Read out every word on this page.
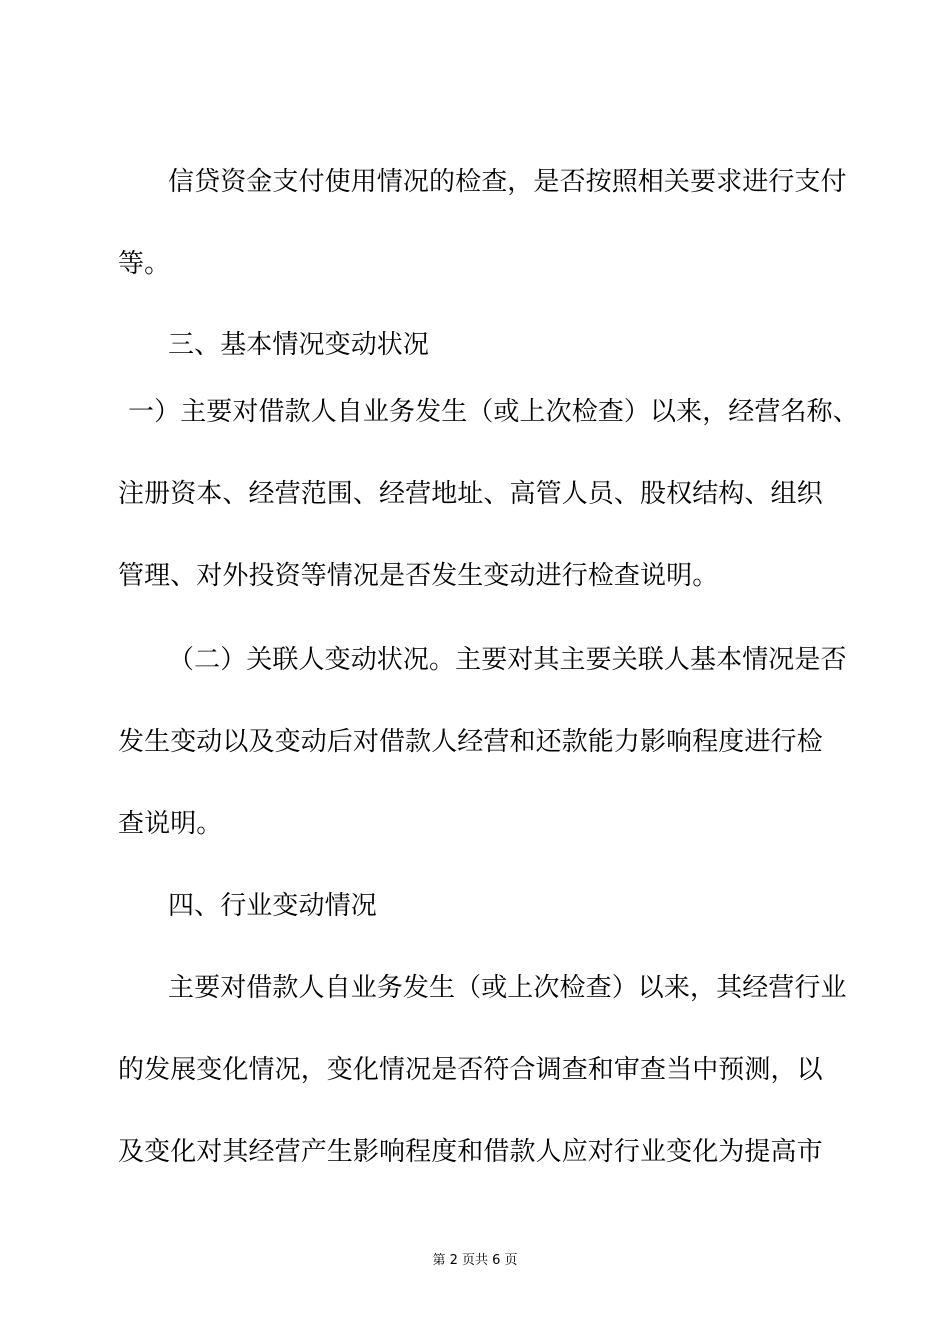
信贷资金支付使用情况的检查，是否按照相关要求进行支付
等。
三、基本情况变动状况
一）主要对借款人自业务发生（或上次检查）以来，经营名称、
注册资本、经营范围、经营地址、高管人员、股权结构、组织
管理、对外投资等情况是否发生变动进行检查说明。
（二）关联人变动状况。主要对其主要关联人基本情况是否
发生变动以及变动后对借款人经营和还款能力影响程度进行检
查说明。
四、行业变动情况
主要对借款人自业务发生（或上次检查）以来，其经营行业
的发展变化情况，变化情况是否符合调查和审查当中预测，以
及变化对其经营产生影响程度和借款人应对行业变化为提高市
第 2 页共 6 页
